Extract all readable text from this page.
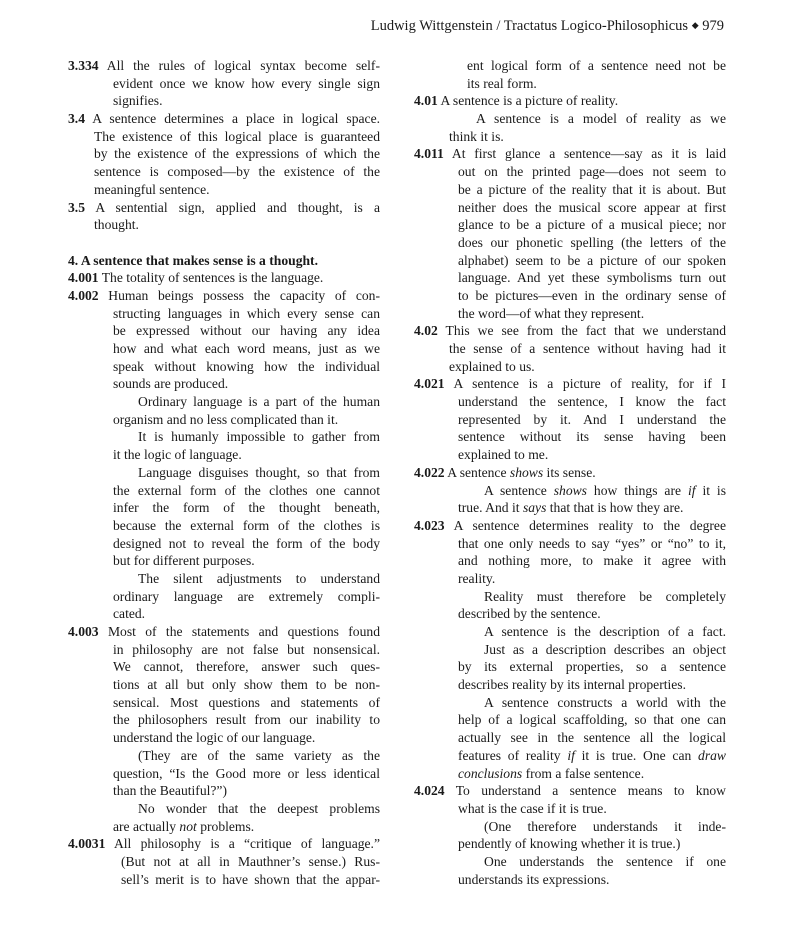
Ludwig Wittgenstein / Tractatus Logico-Philosophicus ◆ 979
3.334 All the rules of logical syntax become self-
evident once we know how every single sign
signifies.
3.4 A sentence determines a place in logical space.
The existence of this logical place is guaranteed
by the existence of the expressions of which the
sentence is composed—by the existence of the
meaningful sentence.
3.5 A sentential sign, applied and thought, is a
thought.
4. A sentence that makes sense is a thought.
4.001 The totality of sentences is the language.
4.002 Human beings possess the capacity of con-
structing languages in which every sense can
be expressed without our having any idea
how and what each word means, just as we
speak without knowing how the individual
sounds are produced.
Ordinary language is a part of the human
organism and no less complicated than it.
It is humanly impossible to gather from
it the logic of language.
Language disguises thought, so that from
the external form of the clothes one cannot
infer the form of the thought beneath,
because the external form of the clothes is
designed not to reveal the form of the body
but for different purposes.
The silent adjustments to understand
ordinary language are extremely compli-
cated.
4.003 Most of the statements and questions found
in philosophy are not false but nonsensical.
We cannot, therefore, answer such ques-
tions at all but only show them to be non-
sensical. Most questions and statements of
the philosophers result from our inability to
understand the logic of our language.
(They are of the same variety as the
question, “Is the Good more or less identical
than the Beautiful?”)
No wonder that the deepest problems
are actually not problems.
4.0031 All philosophy is a “critique of language.”
(But not at all in Mauthner’s sense.) Rus-
sell’s merit is to have shown that the appar-
ent logical form of a sentence need not be
its real form.
4.01 A sentence is a picture of reality.
A sentence is a model of reality as we
think it is.
4.011 At first glance a sentence—say as it is laid
out on the printed page—does not seem to
be a picture of the reality that it is about. But
neither does the musical score appear at first
glance to be a picture of a musical piece; nor
does our phonetic spelling (the letters of the
alphabet) seem to be a picture of our spoken
language. And yet these symbolisms turn out
to be pictures—even in the ordinary sense of
the word—of what they represent.
4.02 This we see from the fact that we understand
the sense of a sentence without having had it
explained to us.
4.021 A sentence is a picture of reality, for if I
understand the sentence, I know the fact
represented by it. And I understand the
sentence without its sense having been
explained to me.
4.022 A sentence shows its sense.
A sentence shows how things are if it is
true. And it says that that is how they are.
4.023 A sentence determines reality to the degree
that one only needs to say “yes” or “no” to it,
and nothing more, to make it agree with
reality.
Reality must therefore be completely
described by the sentence.
A sentence is the description of a fact.
Just as a description describes an object
by its external properties, so a sentence
describes reality by its internal properties.
A sentence constructs a world with the
help of a logical scaffolding, so that one can
actually see in the sentence all the logical
features of reality if it is true. One can draw
conclusions from a false sentence.
4.024 To understand a sentence means to know
what is the case if it is true.
(One therefore understands it inde-
pendently of knowing whether it is true.)
One understands the sentence if one
understands its expressions.
